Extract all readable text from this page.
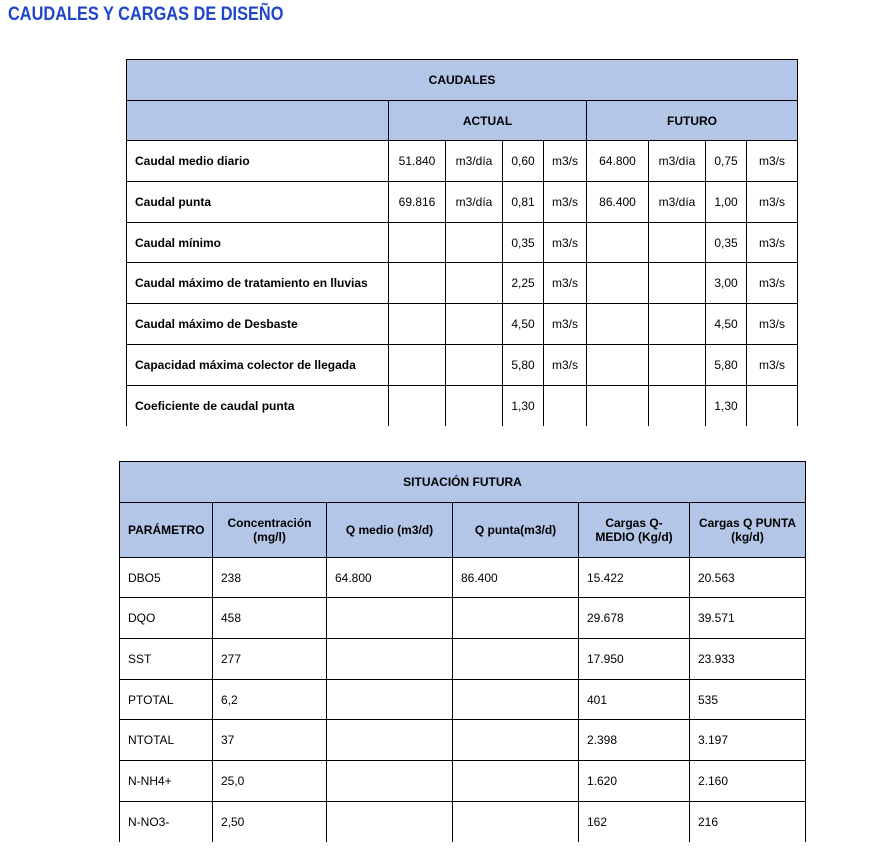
CAUDALES Y CARGAS DE DISEÑO
CAUDALES								
	ACTUAL				FUTURO			
Caudal medio diario	51.840	m3/día	0,60	m3/s	64.800	m3/día	0,75	m3/s
Caudal punta	69.816	m3/día	0,81	m3/s	86.400	m3/día	1,00	m3/s
Caudal mínimo			0,35	m3/s			0,35	m3/s
Caudal máximo de tratamiento en lluvias			2,25	m3/s			3,00	m3/s
Caudal máximo de Desbaste			4,50	m3/s			4,50	m3/s
Capacidad máxima colector de llegada			5,80	m3/s			5,80	m3/s
Coeficiente de caudal punta			1,30				1,30	
SITUACIÓN FUTURA					
PARÁMETRO	Concentración (mg/l)	Q medio (m3/d)	Q punta(m3/d)	Cargas Q-MEDIO (Kg/d)	Cargas Q PUNTA (kg/d)
DBO5	238	64.800	86.400	15.422	20.563
DQO	458			29.678	39.571
SST	277			17.950	23.933
PTOTAL	6,2			401	535
NTOTAL	37			2.398	3.197
N-NH4+	25,0			1.620	2.160
N-NO3-	2,50			162	216
